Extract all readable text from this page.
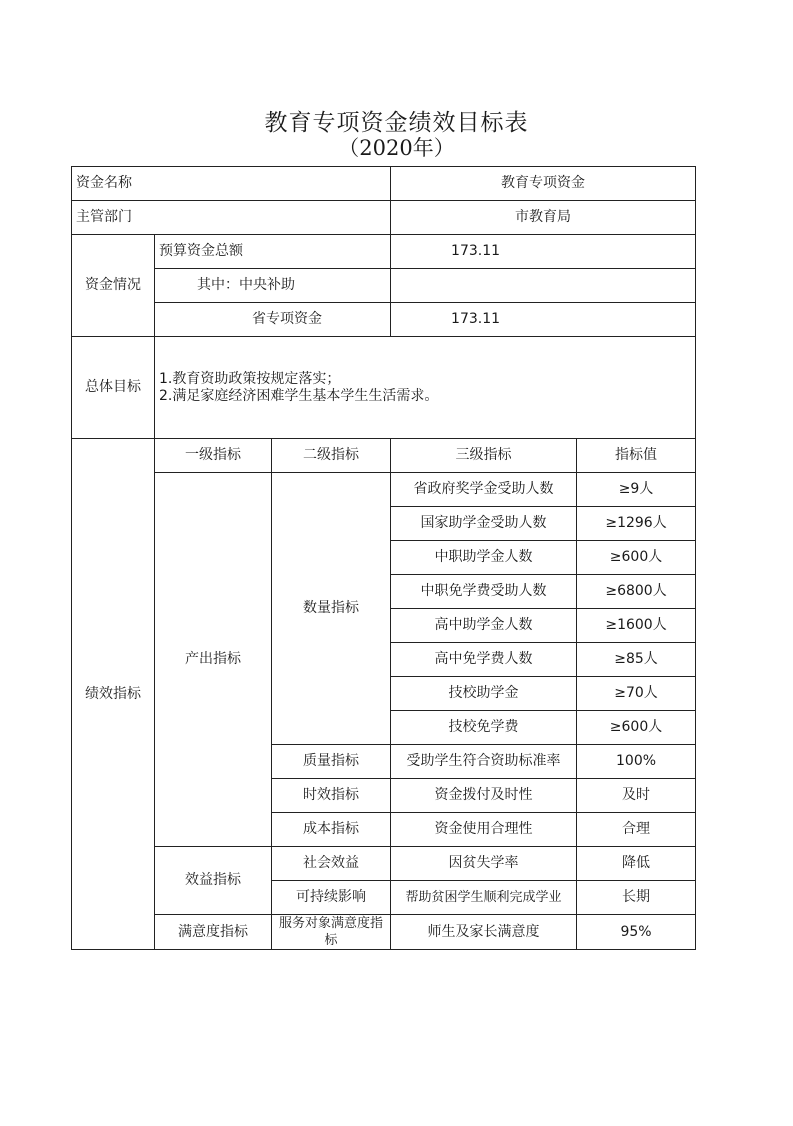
教育专项资金绩效目标表
（2020年）
资金名称			教育专项资金	
主管部门			市教育局	
资金情况	预算资金总额		173.11	
	其中：中央补助			
	省专项资金		173.11	
总体目标	1.教育资助政策按规定落实；
2.满足家庭经济困难学生基本学生生活需求。			

绩效指标	一级指标	二级指标	三级指标	指标值
	产出指标	数量指标	省政府奖学金受助人数	≥9人
			国家助学金受助人数	≥1296人
			中职助学金人数	≥600人
			中职免学费受助人数	≥6800人
			高中助学金人数	≥1600人
			高中免学费人数	≥85人
			技校助学金	≥70人
			技校免学费	≥600人
		质量指标	受助学生符合资助标准率	100%
		时效指标	资金拨付及时性	及时
		成本指标	资金使用合理性	合理
	效益指标	社会效益	因贫失学率	降低
		可持续影响	帮助贫困学生顺利完成学业	长期
	满意度指标	服务对象满意度指标	师生及家长满意度	95%
